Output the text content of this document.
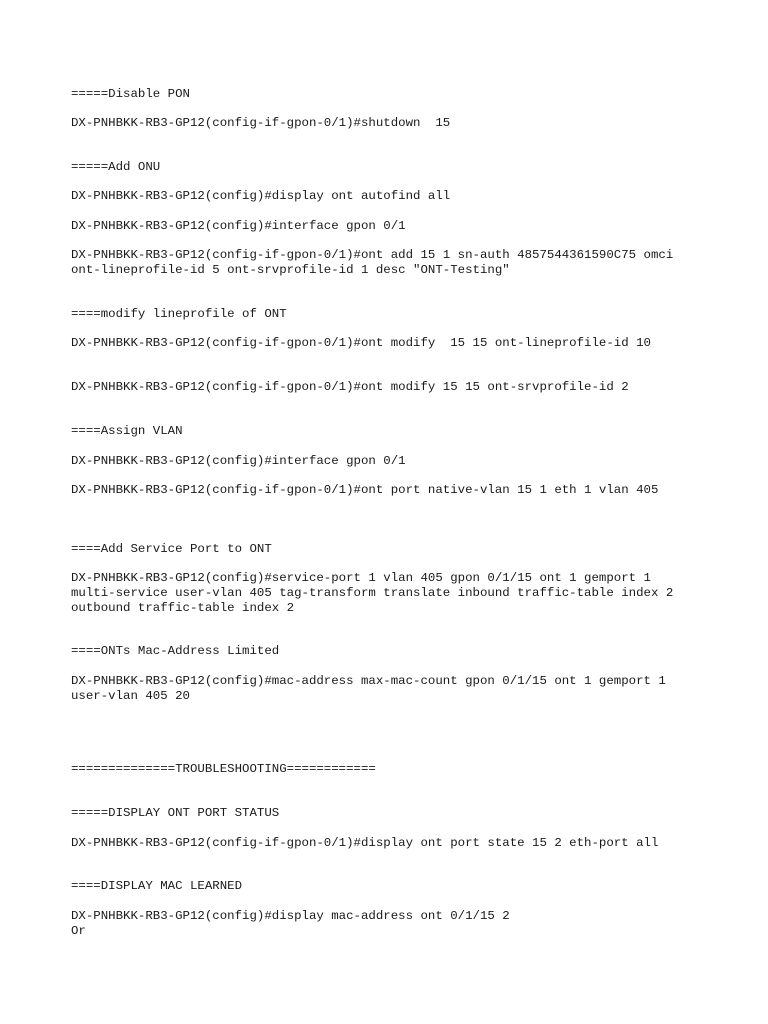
=====Disable PON

DX-PNHBKK-RB3-GP12(config-if-gpon-0/1)#shutdown  15

=====Add ONU

DX-PNHBKK-RB3-GP12(config)#display ont autofind all

DX-PNHBKK-RB3-GP12(config)#interface gpon 0/1

DX-PNHBKK-RB3-GP12(config-if-gpon-0/1)#ont add 15 1 sn-auth 4857544361590C75 omci

ont-lineprofile-id 5 ont-srvprofile-id 1 desc "ONT-Testing"

====modify lineprofile of ONT

DX-PNHBKK-RB3-GP12(config-if-gpon-0/1)#ont modify  15 15 ont-lineprofile-id 10

DX-PNHBKK-RB3-GP12(config-if-gpon-0/1)#ont modify 15 15 ont-srvprofile-id 2

====Assign VLAN

DX-PNHBKK-RB3-GP12(config)#interface gpon 0/1

DX-PNHBKK-RB3-GP12(config-if-gpon-0/1)#ont port native-vlan 15 1 eth 1 vlan 405

====Add Service Port to ONT

DX-PNHBKK-RB3-GP12(config)#service-port 1 vlan 405 gpon 0/1/15 ont 1 gemport 1

multi-service user-vlan 405 tag-transform translate inbound traffic-table index 2

outbound traffic-table index 2

====ONTs Mac-Address Limited

DX-PNHBKK-RB3-GP12(config)#mac-address max-mac-count gpon 0/1/15 ont 1 gemport 1

user-vlan 405 20

==============TROUBLESHOOTING============

=====DISPLAY ONT PORT STATUS

DX-PNHBKK-RB3-GP12(config-if-gpon-0/1)#display ont port state 15 2 eth-port all

====DISPLAY MAC LEARNED

DX-PNHBKK-RB3-GP12(config)#display mac-address ont 0/1/15 2

Or
